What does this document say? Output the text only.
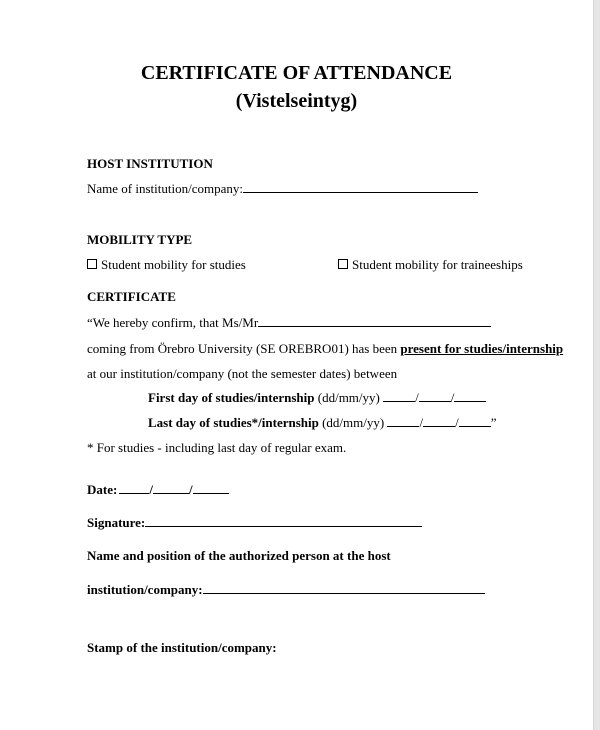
CERTIFICATE OF ATTENDANCE
(Vistelseintyg)
HOST INSTITUTION
Name of institution/company:
MOBILITY TYPE
Student mobility for studies	Student mobility for traineeships
CERTIFICATE
“We hereby confirm, that Ms/Mr
coming from Örebro University (SE OREBRO01) has been present for studies/internship
at our institution/company (not the semester dates) between
First day of studies/internship (dd/mm/yy)	/ /
Last day of studies*/internship (dd/mm/yy)	/ / ”
* For studies - including last day of regular exam.
Date: /	/
Signature:
Name and position of the authorized person at the host
institution/company:
Stamp of the institution/company:
